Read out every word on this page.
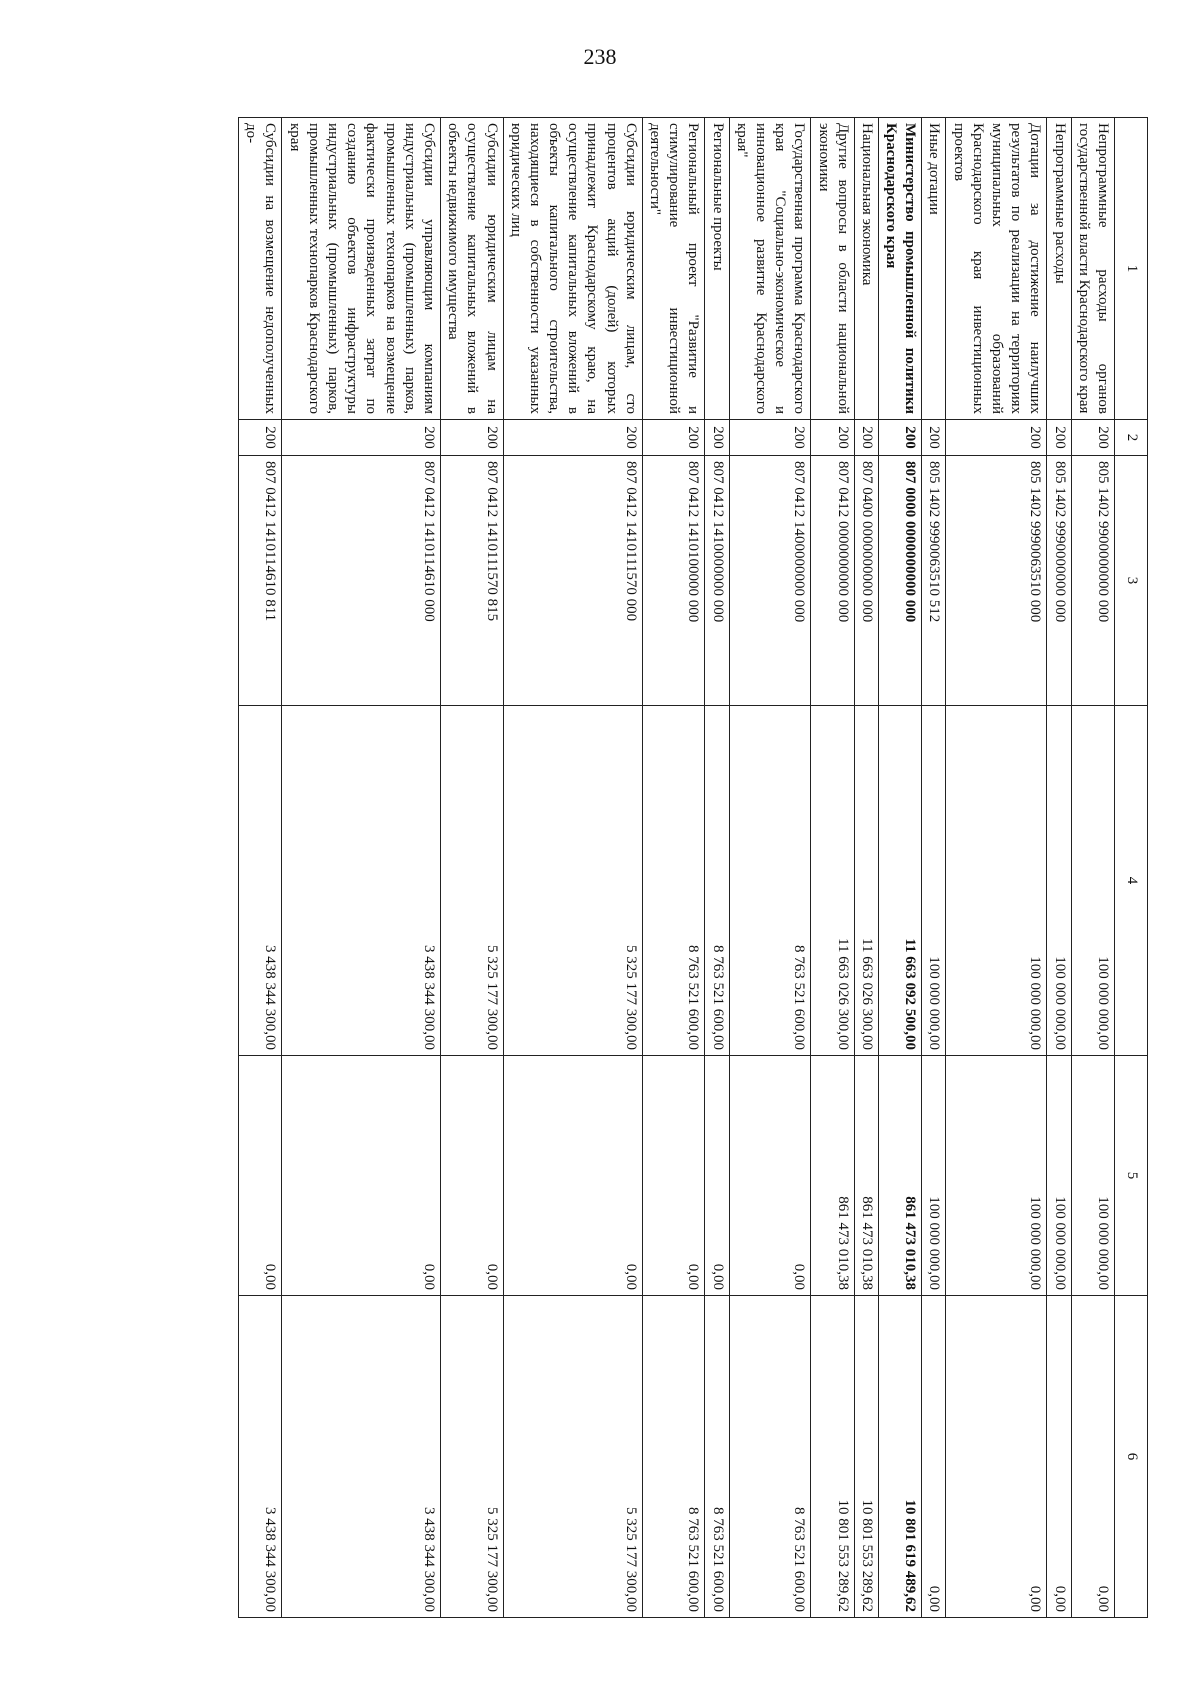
238
1	2	3	4	5	6
Непрограммные расходы органов государственной власти Краснодарского края	200	805 1402 9900000000 000	100 000 000,00	100 000 000,00	0,00
Непрограммные расходы	200	805 1402 9990000000 000	100 000 000,00	100 000 000,00	0,00
Дотации за достижение наилучших результатов по реализации на территориях муниципальных образований Краснодарского края инвестиционных проектов	200	805 1402 9990063510 000	100 000 000,00	100 000 000,00	0,00
Иные дотации	200	805 1402 9990063510 512	100 000 000,00	100 000 000,00	0,00
Министерство промышленной политики Краснодарского края	200	807 0000 0000000000 000	11 663 092 500,00	861 473 010,38	10 801 619 489,62
Национальная экономика	200	807 0400 0000000000 000	11 663 026 300,00	861 473 010,38	10 801 553 289,62
Другие вопросы в области национальной экономики	200	807 0412 0000000000 000	11 663 026 300,00	861 473 010,38	10 801 553 289,62
Государственная программа Краснодарского края "Социально-экономическое и инновационное развитие Краснодарского края"	200	807 0412 1400000000 000	8 763 521 600,00	0,00	8 763 521 600,00
Региональные проекты	200	807 0412 1410000000 000	8 763 521 600,00	0,00	8 763 521 600,00
Региональный проект "Развитие и стимулирование инвестиционной деятельности"	200	807 0412 1410100000 000	8 763 521 600,00	0,00	8 763 521 600,00
Субсидии юридическим лицам, сто процентов акций (долей) которых принадлежит Краснодарскому краю, на осуществление капитальных вложений в объекты капитального строительства, находящиеся в собственности указанных юридических лиц	200	807 0412 1410111570 000	5 325 177 300,00	0,00	5 325 177 300,00
Субсидии юридическим лицам на осуществление капитальных вложений в объекты недвижимого имущества	200	807 0412 1410111570 815	5 325 177 300,00	0,00	5 325 177 300,00
Субсидии управляющим компаниям индустриальных (промышленных) парков, промышленных технопарков на возмещение фактически произведенных затрат по созданию объектов инфраструктуры индустриальных (промышленных) парков, промышленных технопарков Краснодарского края	200	807 0412 1410114610 000	3 438 344 300,00	0,00	3 438 344 300,00
Субсидии на возмещение недополученных до-	200	807 0412 1410114610 811	3 438 344 300,00	0,00	3 438 344 300,00
